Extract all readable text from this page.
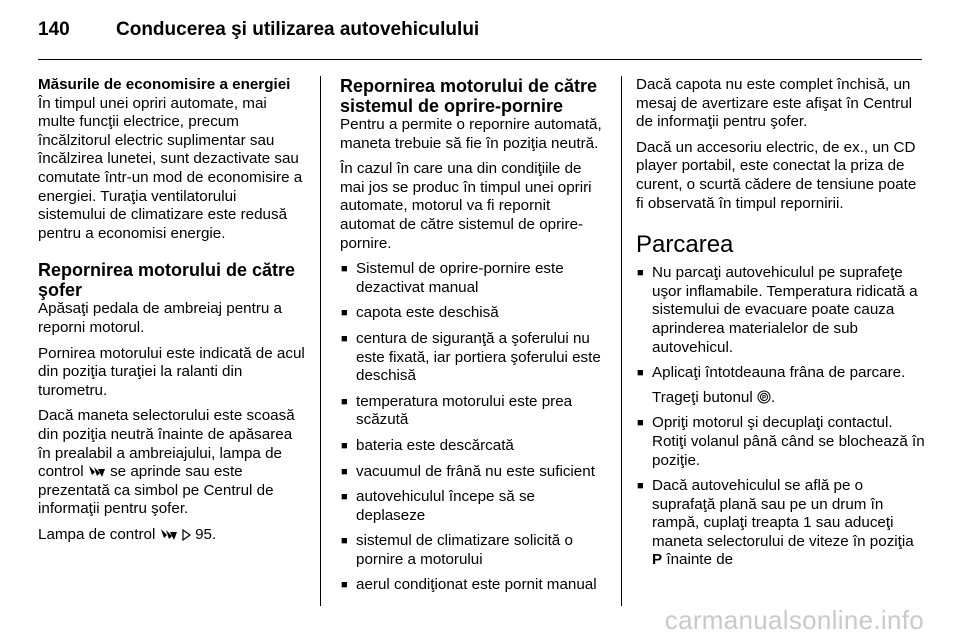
140	Conducerea şi utilizarea autovehiculului
Măsurile de economisire a energiei

În timpul unei opriri automate, mai multe funcţii electrice, precum încălzitorul electric suplimentar sau încălzirea lunetei, sunt dezactivate sau comutate într-un mod de economisire a energiei. Turaţia ventilatorului sistemului de climatizare este redusă pentru a economisi energie.

Repornirea motorului de către şofer

Apăsaţi pedala de ambreiaj pentru a reporni motorul.

Pornirea motorului este indicată de acul din poziţia turaţiei la ralanti din turometru.

Dacă maneta selectorului este scoasă din poziţia neutră înainte de apăsarea în prealabil a ambreiajului, lampa de control se aprinde sau este prezentată ca simbol pe Centrul de informaţii pentru şofer.

Lampa de control	95.

Repornirea motorului de către sistemul de oprire-pornire

Pentru a permite o repornire automată, maneta trebuie să fie în poziţia neutră.

În cazul în care una din condiţiile de mai jos se produc în timpul unei opriri automate, motorul va fi repornit automat de către sistemul de oprire-pornire.

■ Sistemul de oprire-pornire este dezactivat manual
■ capota este deschisă
■ centura de siguranţă a şoferului nu este fixată, iar portiera şoferului este deschisă
■ temperatura motorului este prea scăzută
■ bateria este descărcată
■ vacuumul de frână nu este suficient
■ autovehiculul începe să se deplaseze
■ sistemul de climatizare solicită o pornire a motorului
■ aerul condiţionat este pornit manual

Dacă capota nu este complet închisă, un mesaj de avertizare este afişat în Centrul de informaţii pentru şofer.

Dacă un accesoriu electric, de ex., un CD player portabil, este conectat la priza de curent, o scurtă cădere de tensiune poate fi observată în timpul repornirii.

Parcarea
■ Nu parcaţi autovehiculul pe suprafeţe uşor inflamabile. Temperatura ridicată a sistemului de evacuare poate cauza aprinderea materialelor de sub autovehicul.
■ Aplicaţi întotdeauna frâna de parcare.

Trageţi butonul P .

■ Opriţi motorul şi decuplaţi contactul. Rotiţi volanul până când se blochează în poziţie.
■ Dacă autovehiculul se află pe o suprafaţă plană sau pe un drum în rampă, cuplaţi treapta 1 sau aduceţi maneta selectorului de viteze în poziţia P înainte de
carmanualsonline.info
